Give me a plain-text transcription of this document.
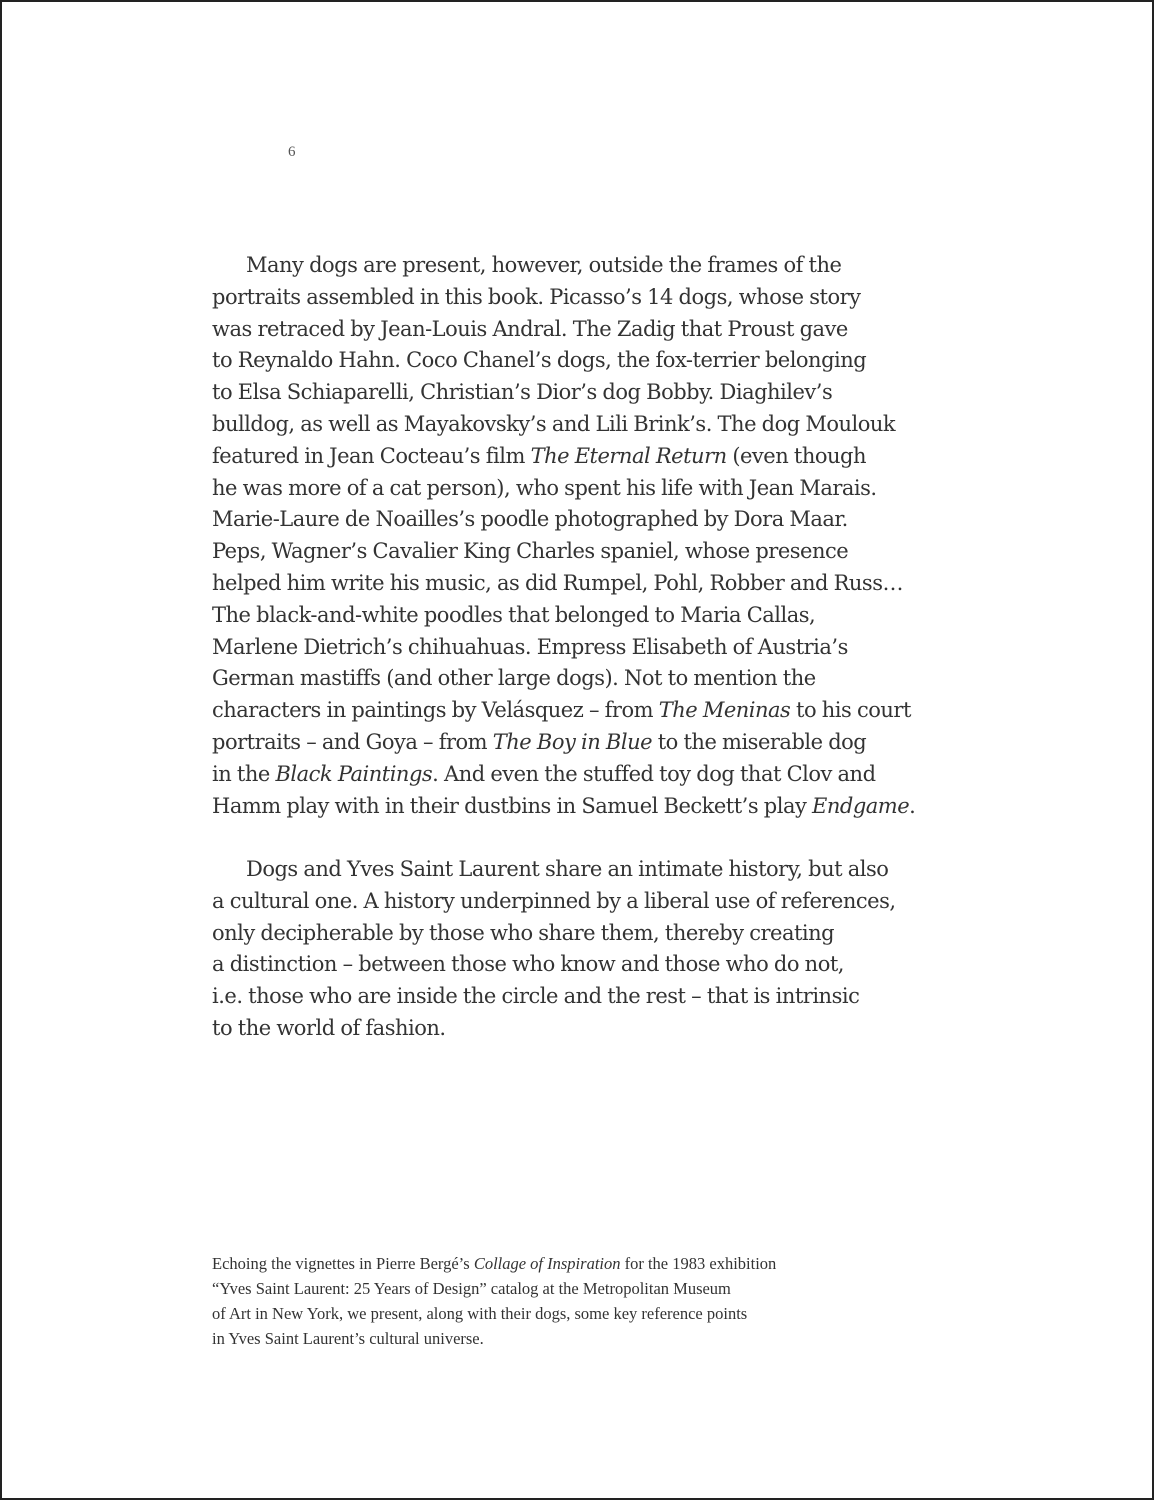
6
Many dogs are present, however, outside the frames of the
portraits assembled in this book. Picasso’s 14 dogs, whose story
was retraced by Jean-Louis Andral. The Zadig that Proust gave
to Reynaldo Hahn. Coco Chanel’s dogs, the fox-terrier belonging
to Elsa Schiaparelli, Christian’s Dior’s dog Bobby. Diaghilev’s
bulldog, as well as Mayakovsky’s and Lili Brink’s. The dog Moulouk
featured in Jean Cocteau’s film The Eternal Return (even though
he was more of a cat person), who spent his life with Jean Marais.
Marie-Laure de Noailles’s poodle photographed by Dora Maar.
Peps, Wagner’s Cavalier King Charles spaniel, whose presence
helped him write his music, as did Rumpel, Pohl, Robber and Russ…
The black-and-white poodles that belonged to Maria Callas,
Marlene Dietrich’s chihuahuas. Empress Elisabeth of Austria’s
German mastiffs (and other large dogs). Not to mention the
characters in paintings by Velásquez – from The Meninas to his court
portraits – and Goya – from The Boy in Blue to the miserable dog
in the Black Paintings. And even the stuffed toy dog that Clov and
Hamm play with in their dustbins in Samuel Beckett’s play Endgame.
Dogs and Yves Saint Laurent share an intimate history, but also
a cultural one. A history underpinned by a liberal use of references,
only decipherable by those who share them, thereby creating
a distinction – between those who know and those who do not,
i.e. those who are inside the circle and the rest – that is intrinsic
to the world of fashion.
Echoing the vignettes in Pierre Bergé’s Collage of Inspiration for the 1983 exhibition
“Yves Saint Laurent: 25 Years of Design” catalog at the Metropolitan Museum
of Art in New York, we present, along with their dogs, some key reference points
in Yves Saint Laurent’s cultural universe.
